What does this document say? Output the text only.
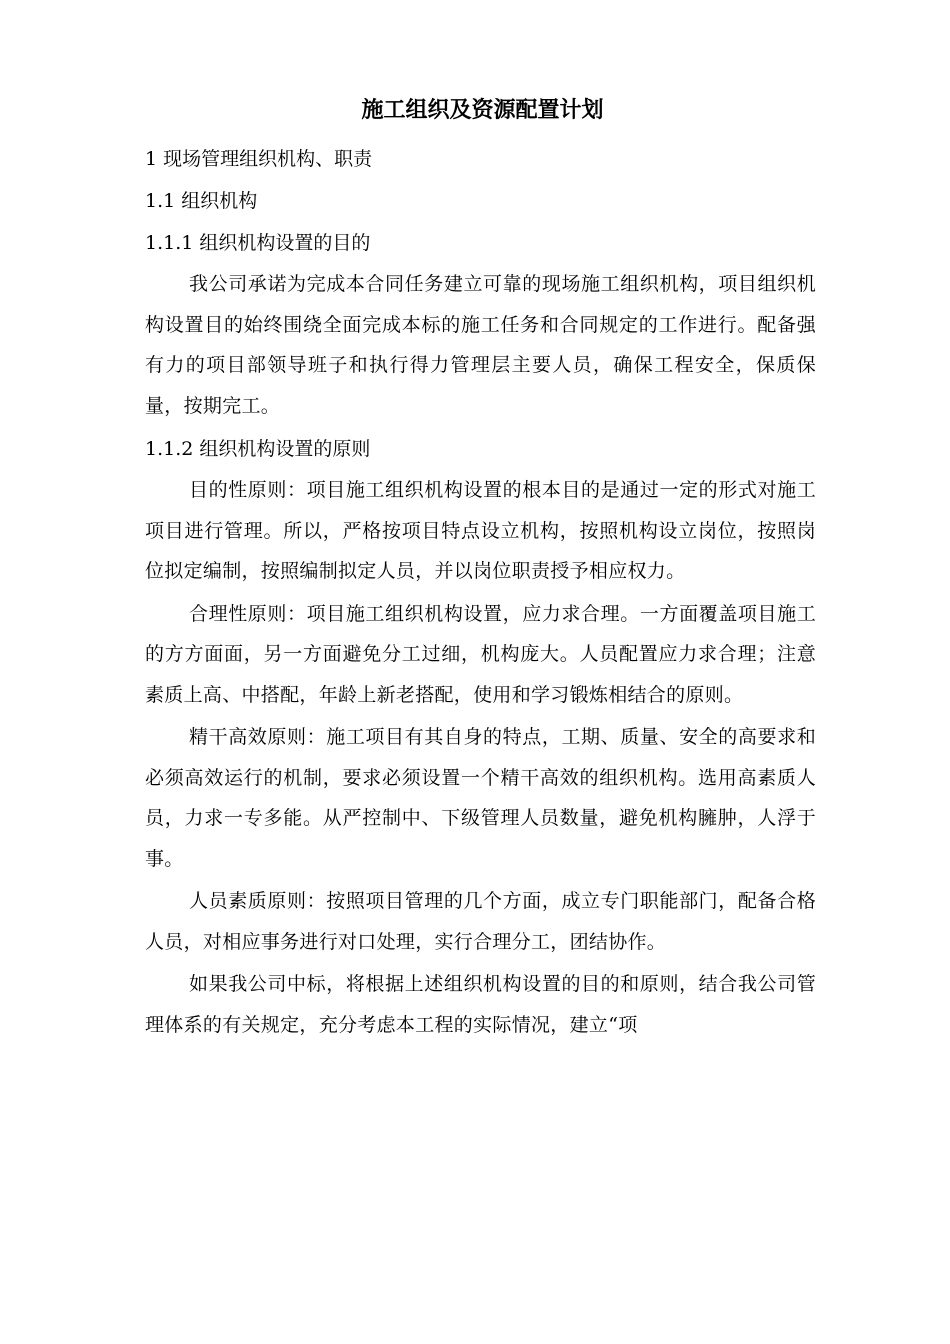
施工组织及资源配置计划

1 现场管理组织机构、职责

1.1 组织机构

1.1.1 组织机构设置的目的

我公司承诺为完成本合同任务建立可靠的现场施工组织机构，项目组织机构设置目的始终围绕全面完成本标的施工任务和合同规定的工作进行。配备强有力的项目部领导班子和执行得力管理层主要人员，确保工程安全，保质保量，按期完工。

1.1.2 组织机构设置的原则

目的性原则：项目施工组织机构设置的根本目的是通过一定的形式对施工项目进行管理。所以，严格按项目特点设立机构，按照机构设立岗位，按照岗位拟定编制，按照编制拟定人员，并以岗位职责授予相应权力。

合理性原则：项目施工组织机构设置，应力求合理。一方面覆盖项目施工的方方面面，另一方面避免分工过细，机构庞大。人员配置应力求合理；注意素质上高、中搭配，年龄上新老搭配，使用和学习锻炼相结合的原则。

精干高效原则：施工项目有其自身的特点，工期、质量、安全的高要求和必须高效运行的机制，要求必须设置一个精干高效的组织机构。选用高素质人员，力求一专多能。从严控制中、下级管理人员数量，避免机构臃肿，人浮于事。

人员素质原则：按照项目管理的几个方面，成立专门职能部门，配备合格人员，对相应事务进行对口处理，实行合理分工，团结协作。

如果我公司中标，将根据上述组织机构设置的目的和原则，结合我公司管理体系的有关规定，充分考虑本工程的实际情况，建立“项
